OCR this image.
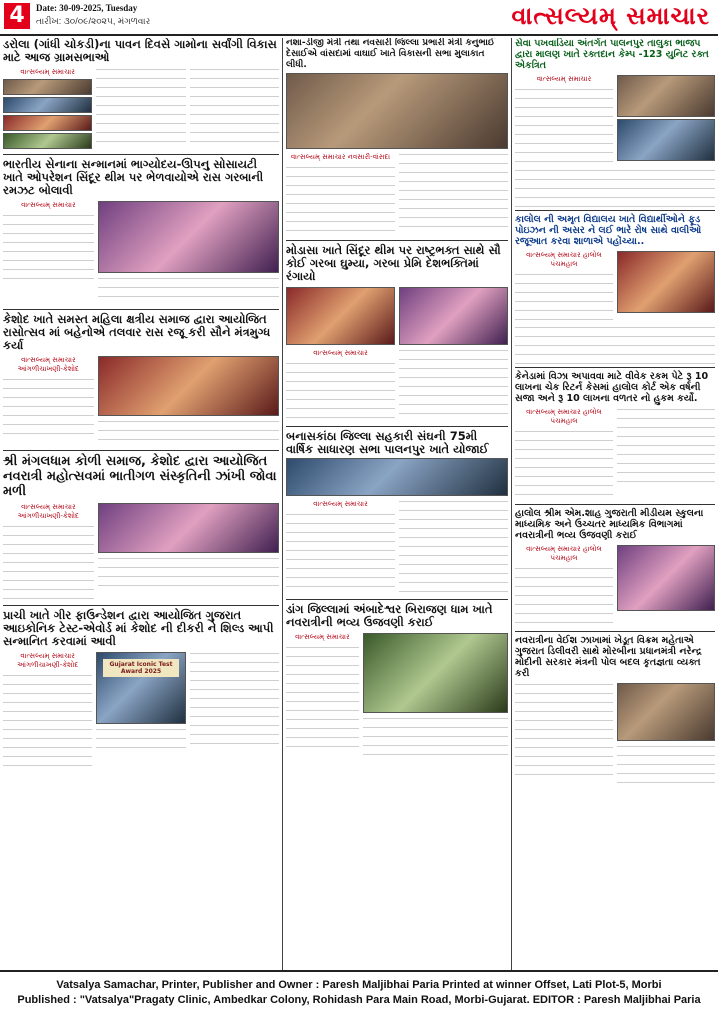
4	Date: 30-09-2025, Tuesday
તારીખ: ૩૦/૦૯/૨૦૨૫, મંગળવાર	વાત્સલ્યમ્ સમાચાર
ડરોલા (ગાંધી ચોકડી)ના પાવન દિવસે ગામોના સર્વાંગી વિકાસ માટે આજ ગ્રામસભાઓ
વાત્સલ્યમ્ સમાચાર
ભારતીય સેનાના સન્માનમાં ભાગ્યોદય-ઊપનુ સોસાયટી ખાતે ઓપરેશન સિંદૂર થીમ પર ભેળવાયોએ રાસ ગરબાની રમઝટ બોલાવી
વાત્સલ્યમ્ સમાચાર
કેશોદ ખાતે સમસ્ત મહિલા ક્ષત્રીય સમાજ દ્વારા આયોજિત રાસોત્સવ માં બહેનોએ તલવાર રાસ રજૂ કરી સૌને મંત્રમુગ્ધ કર્યા
વાત્સલ્યમ્ સમાચાર આંગળીચાખણી-કેશોદ
શ્રી મંગલધામ કોળી સમાજ, કેશોદ દ્વારા આયોજિત નવરાત્રી મહોત્સવમાં ભાતીગળ સંસ્કૃતિની ઝાંખી જોવા મળી
વાત્સલ્યમ્ સમાચાર આંગળીચાખણી-કેશોદ
પ્રાચી ખાતે ગીર ફાઉન્ડેશન દ્વારા આયોજિત ગુજરાત આઇકોનિક ટેસ્ટ-એવોર્ડ માં કેશોદ ની દીકરી ને શિલ્ડ આપી સન્માનિત કરવામાં આવી
વાત્સલ્યમ્ સમાચાર આંગળીચાખણી-કેશોદ	Gujarat Iconic Test Award 2025
નશા-ડીજી મંત્રી તથા નવસારી જિલ્લા પ્રભારી મંત્રી કનુભાઈ દેસાઈએ વાંસદામાં વાઘાઈ ખાતે વિકાસની સભા મુલાકાત લીધી.
વાત્સલ્યમ્ સમાચાર નવસારી-વાંસદા
મોડાસા ખાતે સિંદૂર થીમ પર રાષ્ટ્રભક્ત સાથે સૌ કોઈ ગરબા ઘુમ્યા, ગરબા પ્રેમિ દેશભક્તિમાં રંગાયો
વાત્સલ્યમ્ સમાચાર
બનાસકાંઠા જિલ્લા સહકારી સંઘની 75મી વાર્ષિક સાધારણ સભા પાલનપુર ખાતે યોજાઈ
વાત્સલ્યમ્ સમાચાર
ડાંગ જિલ્લામાં અંબાદેશ્વર બિરાજણ ધામ ખાતે નવરાત્રીની ભવ્ય ઉજવણી કરાઈ
વાત્સલ્યમ્ સમાચાર
સેવા પખવાડિયા અંતર્ગત પાલનપુર તાલુકા ભાજપ દ્વારા માલણ ખાતે રક્તદાન કેમ્પ -123 યુનિટ રક્ત એકત્રિત
વાત્સલ્યમ્ સમાચાર
કાલોલ ની અમૃત વિદ્યાલય ખાતે વિદ્યાર્થીઓને ફૂડ પોઇઝન ની અસર ને લઈ ભારે રોષ સાથે વાલીઓ રજૂઆત કરવા શાળાએ પહોંચ્યા..
વાત્સલ્યમ્ સમાચાર હાલોલ પંચમહાલ
કેનેડામાં વિઝા અપાવવા માટે વીવેક રકમ પેટે રૂ 10 લાખના ચેક રિટર્ન કેસમાં હાલોલ કોર્ટ એક વર્ષની સજા અને રૂ 10 લાખના વળતર નો હુકમ કર્યો.
વાત્સલ્યમ્ સમાચાર હાલોલ પંચમહાલ
હાલોલ શ્રીમ એમ.શાહ ગુજરાતી મીડીયમ સ્કુલના માધ્યમિક અને ઉચ્ચતર માધ્યમિક વિભાગમાં નવરાત્રીની ભવ્ય ઉજવણી કરાઈ
વાત્સલ્યમ્ સમાચાર હાલોલ પંચમહાલ
નવરાત્રીના વેઈશ ઝાખામાં ખેડૂત વિક્રમ મહેતાએ ગુજરાત ડિલીવરી સાથે મોરબીના પ્રધાનમંત્રી નરેન્દ્ર મોદીની સરકાર મંત્રની પોલ બદલ કૃતજ્ઞતા વ્યક્ત કરી
Vatsalya Samachar, Printer, Publisher and Owner : Paresh Maljibhai Paria Printed at winner Offset, Lati Plot-5, Morbi
Published : "Vatsalya"Pragaty Clinic, Ambedkar Colony, Rohidash Para Main Road, Morbi-Gujarat. EDITOR : Paresh Maljibhai Paria
